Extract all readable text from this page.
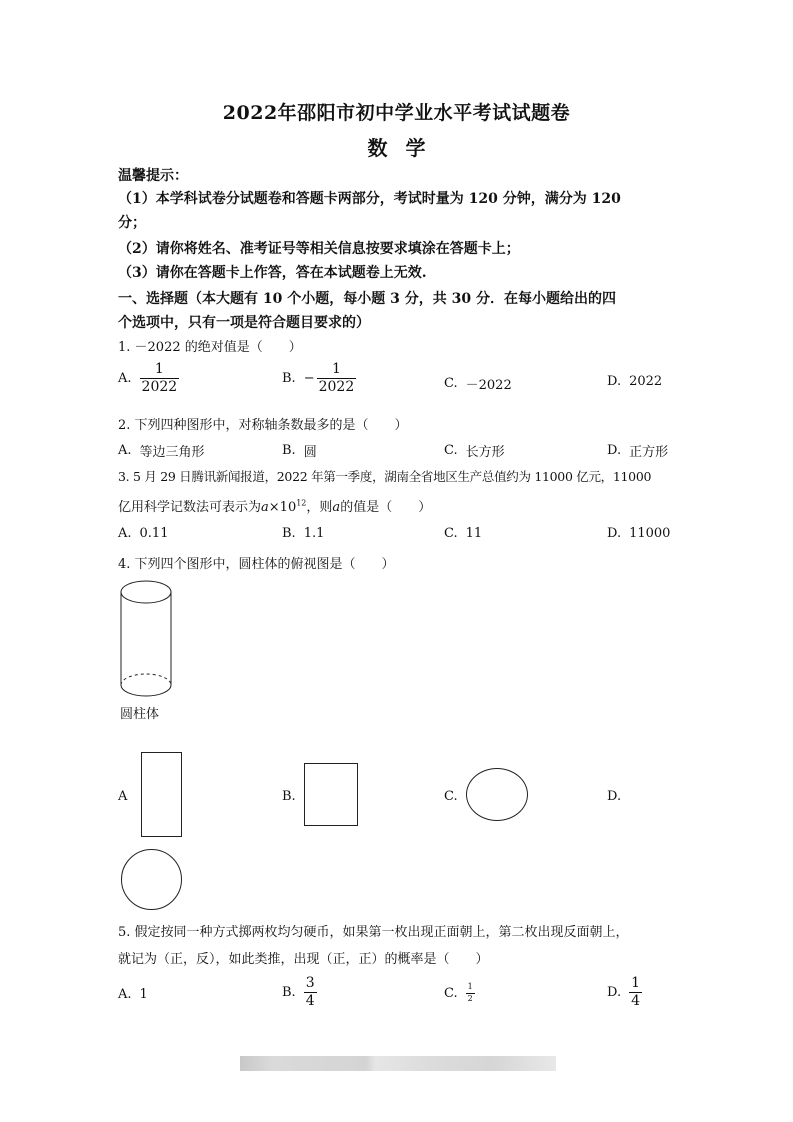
2022年邵阳市初中学业水平考试试题卷
数学
温馨提示：
（1）本学科试卷分试题卷和答题卡两部分，考试时量为 120 分钟，满分为 120
分；
（2）请你将姓名、准考证号等相关信息按要求填涂在答题卡上；
（3）请你在答题卡上作答，答在本试题卷上无效.
一、选择题（本大题有 10 个小题，每小题 3 分，共 30 分．在每小题给出的四
个选项中，只有一项是符合题目要求的）
1. －2022 的绝对值是（　　）
A. $\frac{1}{2022}$	B. − $\frac{1}{2022}$	C. －2022	D. 2022
2. 下列四种图形中，对称轴条数最多的是（　　）
A. 等边三角形	B. 圆	C. 长方形	D. 正方形
3. 5 月 29 日腾讯新闻报道，2022 年第一季度，湖南全省地区生产总值约为 11000 亿元，11000
亿用科学记数法可表示为$a\times 10^{12}$，则a的值是（　　）
A. 0.11	B. 1.1	C. 11	D. 11000
4. 下列四个图形中，圆柱体的俯视图是（　　）
圆柱体
A	B.	C.	D.
5. 假定按同一种方式掷两枚均匀硬币，如果第一枚出现正面朝上，第二枚出现反面朝上，
就记为（正，反），如此类推，出现（正，正）的概率是（　　）
A. 1	B. $\frac{3}{4}$	C. $\frac{1}{2}$	D. $\frac{1}{4}$
